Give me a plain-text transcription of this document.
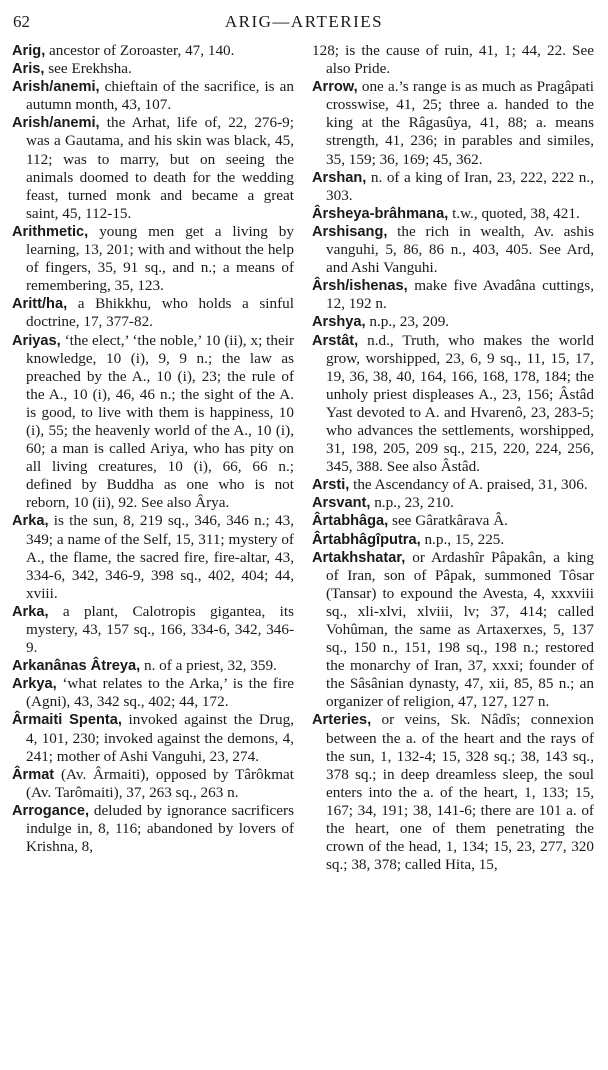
62	ARIG—ARTERIES

Arig, ancestor of Zoroaster, 47, 140.

Aris, see Erekhsha.

Arish/anemi, chieftain of the sacrifice, is an autumn month, 43, 107.

Arish/anemi, the Arhat, life of, 22, 276-9; was a Gautama, and his skin was black, 45, 112; was to marry, but on seeing the animals doomed to death for the wedding feast, turned monk and became a great saint, 45, 112-15.

Arithmetic, young men get a living by learning, 13, 201; with and without the help of fingers, 35, 91 sq., and n.; a means of remembering, 35, 123.

Aritt/ha, a Bhikkhu, who holds a sinful doctrine, 17, 377-82.

Ariyas, ‘the elect,’ ‘the noble,’ 10 (ii), x; their knowledge, 10 (i), 9, 9 n.; the law as preached by the A., 10 (i), 23; the rule of the A., 10 (i), 46, 46 n.; the sight of the A. is good, to live with them is happiness, 10 (i), 55; the heavenly world of the A., 10 (i), 60; a man is called Ariya, who has pity on all living creatures, 10 (i), 66, 66 n.; defined by Buddha as one who is not reborn, 10 (ii), 92. See also Ârya.

Arka, is the sun, 8, 219 sq., 346, 346 n.; 43, 349; a name of the Self, 15, 311; mystery of A., the flame, the sacred fire, fire-altar, 43, 334-6, 342, 346-9, 398 sq., 402, 404; 44, xviii.

Arka, a plant, Calotropis gigantea, its mystery, 43, 157 sq., 166, 334-6, 342, 346-9.

Arkanânas Âtreya, n. of a priest, 32, 359.

Arkya, ‘what relates to the Arka,’ is the fire (Agni), 43, 342 sq., 402; 44, 172.

Ârmaiti Spenta, invoked against the Drug, 4, 101, 230; invoked against the demons, 4, 241; mother of Ashi Vanguhi, 23, 274.

Ârmat (Av. Ârmaiti), opposed by Târôkmat (Av. Tarômaiti), 37, 263 sq., 263 n.

Arrogance, deluded by ignorance sacrificers indulge in, 8, 116; abandoned by lovers of Krishna, 8,

128; is the cause of ruin, 41, 1; 44, 22. See also Pride.

Arrow, one a.’s range is as much as Pragâpati crosswise, 41, 25; three a. handed to the king at the Râgasûya, 41, 88; a. means strength, 41, 236; in parables and similes, 35, 159; 36, 169; 45, 362.

Arshan, n. of a king of Iran, 23, 222, 222 n., 303.

Ârsheya-brâhmana, t.w., quoted, 38, 421.

Arshisang, the rich in wealth, Av. ashis vanguhi, 5, 86, 86 n., 403, 405. See Ard, and Ashi Vanguhi.

Ârsh/ishenas, make five Avadâna cuttings, 12, 192 n.

Arshya, n.p., 23, 209.

Arstât, n.d., Truth, who makes the world grow, worshipped, 23, 6, 9 sq., 11, 15, 17, 19, 36, 38, 40, 164, 166, 168, 178, 184; the unholy priest displeases A., 23, 156; Âstâd Yast devoted to A. and Hvarenô, 23, 283-5; who advances the settlements, worshipped, 31, 198, 205, 209 sq., 215, 220, 224, 256, 345, 388. See also Âstâd.

Arsti, the Ascendancy of A. praised, 31, 306.

Arsvant, n.p., 23, 210.

Ârtabhâga, see Gâratkârava Â.

Ârtabhâgîputra, n.p., 15, 225.

Artakhshatar, or Ardashîr Pâpakân, a king of Iran, son of Pâpak, summoned Tôsar (Tansar) to expound the Avesta, 4, xxxviii sq., xli-xlvi, xlviii, lv; 37, 414; called Vohûman, the same as Artaxerxes, 5, 137 sq., 150 n., 151, 198 sq., 198 n.; restored the monarchy of Iran, 37, xxxi; founder of the Sâsânian dynasty, 47, xii, 85, 85 n.; an organizer of religion, 47, 127, 127 n.

Arteries, or veins, Sk. Nâdîs; connexion between the a. of the heart and the rays of the sun, 1, 132-4; 15, 328 sq.; 38, 143 sq., 378 sq.; in deep dreamless sleep, the soul enters into the a. of the heart, 1, 133; 15, 167; 34, 191; 38, 141-6; there are 101 a. of the heart, one of them penetrating the crown of the head, 1, 134; 15, 23, 277, 320 sq.; 38, 378; called Hita, 15,
